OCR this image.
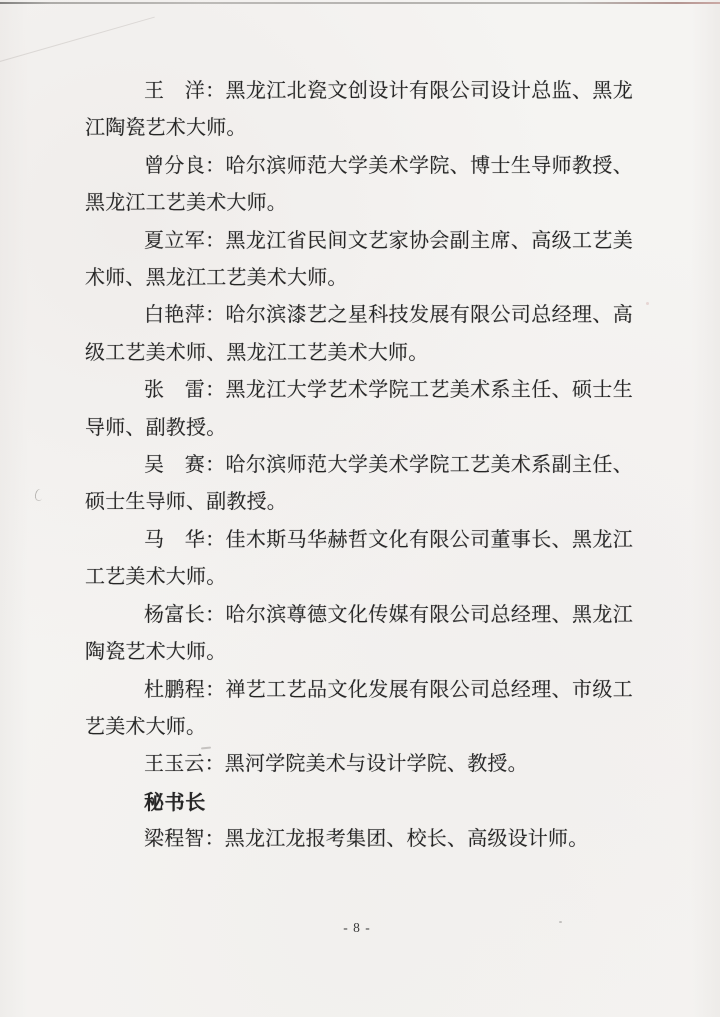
王　洋：黑龙江北瓷文创设计有限公司设计总监、黑龙江陶瓷艺术大师。

曾分良：哈尔滨师范大学美术学院、博士生导师教授、黑龙江工艺美术大师。

夏立军：黑龙江省民间文艺家协会副主席、高级工艺美术师、黑龙江工艺美术大师。

白艳萍：哈尔滨漆艺之星科技发展有限公司总经理、高级工艺美术师、黑龙江工艺美术大师。

张　雷：黑龙江大学艺术学院工艺美术系主任、硕士生导师、副教授。

吴　赛：哈尔滨师范大学美术学院工艺美术系副主任、硕士生导师、副教授。

马　华：佳木斯马华赫哲文化有限公司董事长、黑龙江工艺美术大师。

杨富长：哈尔滨尊德文化传媒有限公司总经理、黑龙江陶瓷艺术大师。

杜鹏程：禅艺工艺品文化发展有限公司总经理、市级工艺美术大师。

王玉云：黑河学院美术与设计学院、教授。

秘书长

梁程智：黑龙江龙报考集团、校长、高级设计师。

- 8 -
